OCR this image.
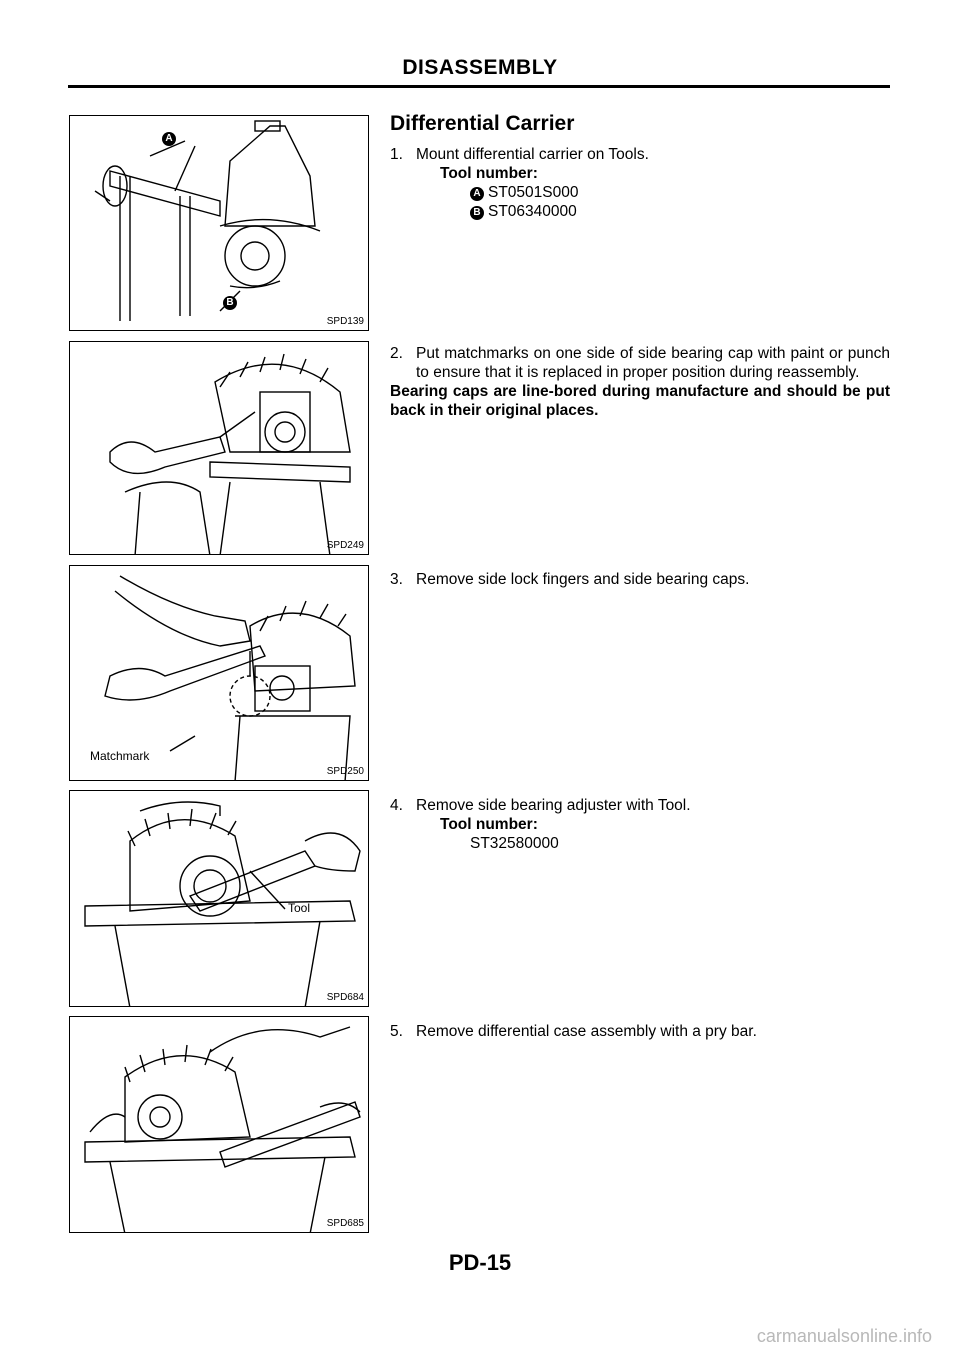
DISASSEMBLY
A
B
SPD139
SPD249
Matchmark
SPD250
Tool
SPD684
SPD685
Differential Carrier
1. Mount differential carrier on Tools.
Tool number:
A ST0501S000
B ST06340000
2. Put matchmarks on one side of side bearing cap with paint or punch to ensure that it is replaced in proper position during reassembly.
Bearing caps are line-bored during manufacture and should be put back in their original places.
3. Remove side lock fingers and side bearing caps.
4. Remove side bearing adjuster with Tool.
Tool number:
ST32580000
5. Remove differential case assembly with a pry bar.
PD-15
carmanualsonline.info
